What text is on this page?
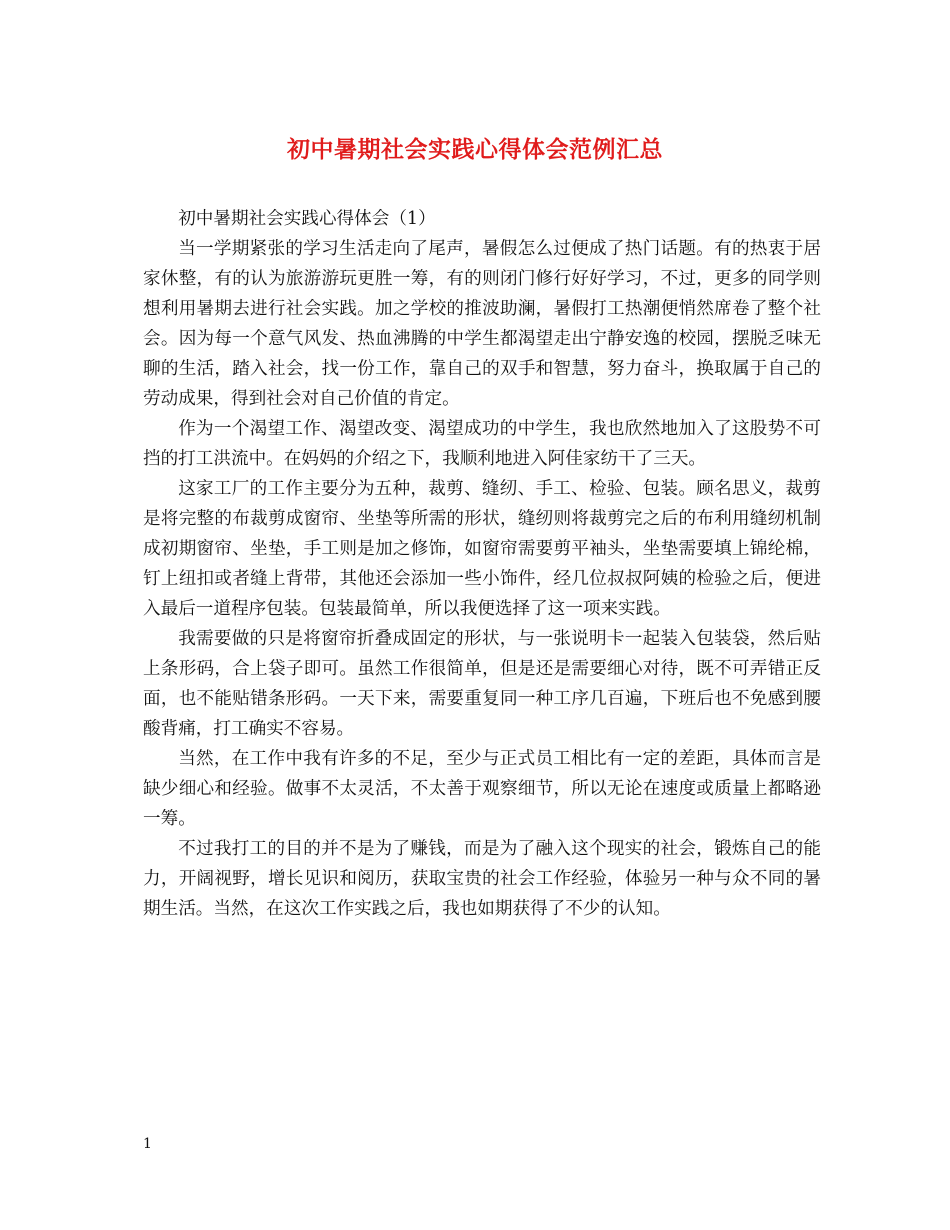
初中暑期社会实践心得体会范例汇总

初中暑期社会实践心得体会（1）

当一学期紧张的学习生活走向了尾声，暑假怎么过便成了热门话题。有的热衷于居家休整，有的认为旅游游玩更胜一筹，有的则闭门修行好好学习，不过，更多的同学则想利用暑期去进行社会实践。加之学校的推波助澜，暑假打工热潮便悄然席卷了整个社会。因为每一个意气风发、热血沸腾的中学生都渴望走出宁静安逸的校园，摆脱乏味无聊的生活，踏入社会，找一份工作，靠自己的双手和智慧，努力奋斗，换取属于自己的劳动成果，得到社会对自己价值的肯定。

作为一个渴望工作、渴望改变、渴望成功的中学生，我也欣然地加入了这股势不可挡的打工洪流中。在妈妈的介绍之下，我顺利地进入阿佳家纺干了三天。

这家工厂的工作主要分为五种，裁剪、缝纫、手工、检验、包装。顾名思义，裁剪是将完整的布裁剪成窗帘、坐垫等所需的形状，缝纫则将裁剪完之后的布利用缝纫机制成初期窗帘、坐垫，手工则是加之修饰，如窗帘需要剪平袖头，坐垫需要填上锦纶棉，钉上纽扣或者缝上背带，其他还会添加一些小饰件，经几位叔叔阿姨的检验之后，便进入最后一道程序包装。包装最简单，所以我便选择了这一项来实践。

我需要做的只是将窗帘折叠成固定的形状，与一张说明卡一起装入包装袋，然后贴上条形码，合上袋子即可。虽然工作很简单，但是还是需要细心对待，既不可弄错正反面，也不能贴错条形码。一天下来，需要重复同一种工序几百遍，下班后也不免感到腰酸背痛，打工确实不容易。

当然，在工作中我有许多的不足，至少与正式员工相比有一定的差距，具体而言是缺少细心和经验。做事不太灵活，不太善于观察细节，所以无论在速度或质量上都略逊一筹。

不过我打工的目的并不是为了赚钱，而是为了融入这个现实的社会，锻炼自己的能力，开阔视野，增长见识和阅历，获取宝贵的社会工作经验，体验另一种与众不同的暑期生活。当然，在这次工作实践之后，我也如期获得了不少的认知。

1
